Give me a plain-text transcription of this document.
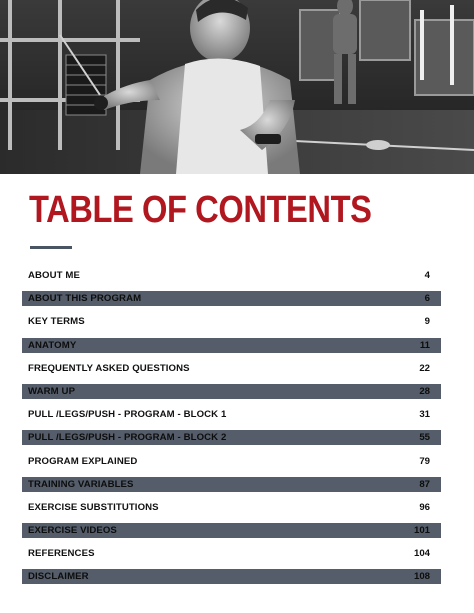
TABLE OF CONTENTS
ABOUT ME	4
ABOUT THIS PROGRAM	6
KEY TERMS	9
ANATOMY	11
FREQUENTLY ASKED QUESTIONS	22
WARM UP	28
PULL /LEGS/PUSH - PROGRAM - BLOCK 1	31
PULL /LEGS/PUSH - PROGRAM - BLOCK 2	55
PROGRAM EXPLAINED	79
TRAINING VARIABLES	87
EXERCISE SUBSTITUTIONS	96
EXERCISE VIDEOS	101
REFERENCES	104
DISCLAIMER	108
